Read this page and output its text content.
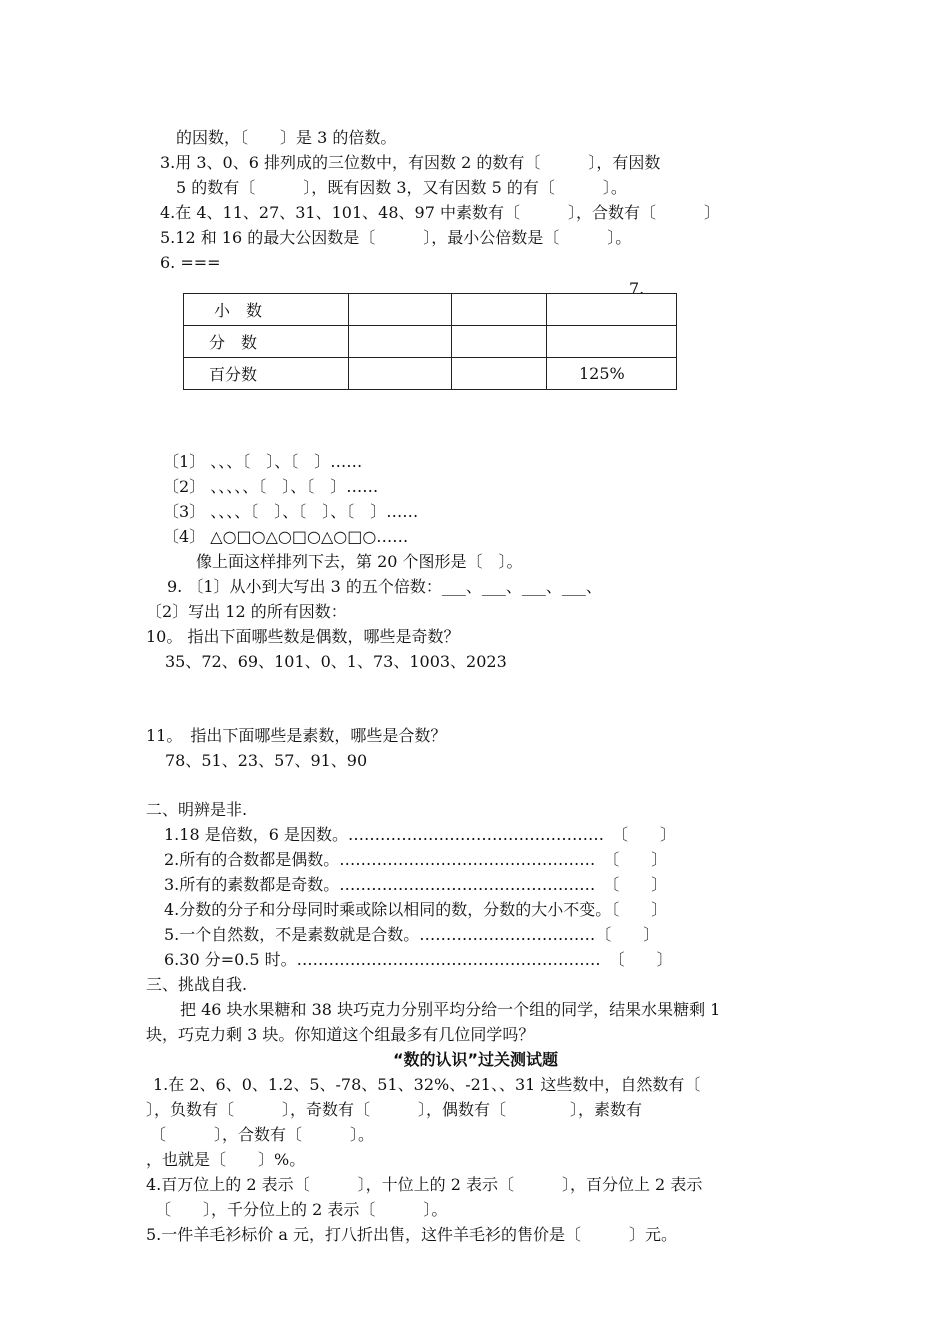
的因数，〔　　〕是 3 的倍数。
3.用 3、0、6 排列成的三位数中，有因数 2 的数有〔　　　〕，有因数
5 的数有〔　　　〕，既有因数 3，又有因数 5 的有〔　　　〕。
4.在 4、11、27、31、101、48、97 中素数有〔　　　〕，合数有〔　　　〕
5.12 和 16 的最大公因数是〔　　　〕，最小公倍数是〔　　　〕。
6. ===
7.
小　数			
分　数			
百分数			125%
〔1〕 、、、〔　〕、〔　〕……
〔2〕 、、、、、〔　〕、〔　〕……
〔3〕 、、、、〔　〕、〔　〕、〔　〕……
〔4〕 △○□○△○□○△○□○……
像上面这样排列下去，第 20 个图形是〔　〕。
9. 〔1〕从小到大写出 3 的五个倍数：___、___、___、___、
〔2〕写出 12 的所有因数：
10。 指出下面哪些数是偶数，哪些是奇数？
35、72、69、101、0、1、73、1003、2023
11。　指出下面哪些是素数，哪些是合数？
78、51、23、57、91、90
二、明辨是非.
1.18 是倍数，6 是因数。…………………………………………　〔　　〕
2.所有的合数都是偶数。…………………………………………　〔　　〕
3.所有的素数都是奇数。…………………………………………　〔　　〕
4.分数的分子和分母同时乘或除以相同的数，分数的大小不变。〔　　〕
5.一个自然数，不是素数就是合数。……………………………〔　　〕
6.30 分=0.5 时。…………………………………………………　〔　　〕
三、挑战自我.
把 46 块水果糖和 38 块巧克力分别平均分给一个组的同学，结果水果糖剩 1
块，巧克力剩 3 块。你知道这个组最多有几位同学吗？
“数的认识”过关测试题
1.在 2、6、0、1.2、5、-78、51、32%、-21、、31 这些数中，自然数有〔
〕，负数有〔　　　〕，奇数有〔　　　〕，偶数有〔　　　　〕，素数有
〔　　　〕，合数有〔　　　〕。
，也就是〔　　〕%。
4.百万位上的 2 表示〔　　　〕，十位上的 2 表示〔　　　〕，百分位上 2 表示
〔　　〕，千分位上的 2 表示〔　　　〕。
5.一件羊毛衫标价 a 元，打八折出售，这件羊毛衫的售价是〔　　　〕元。
